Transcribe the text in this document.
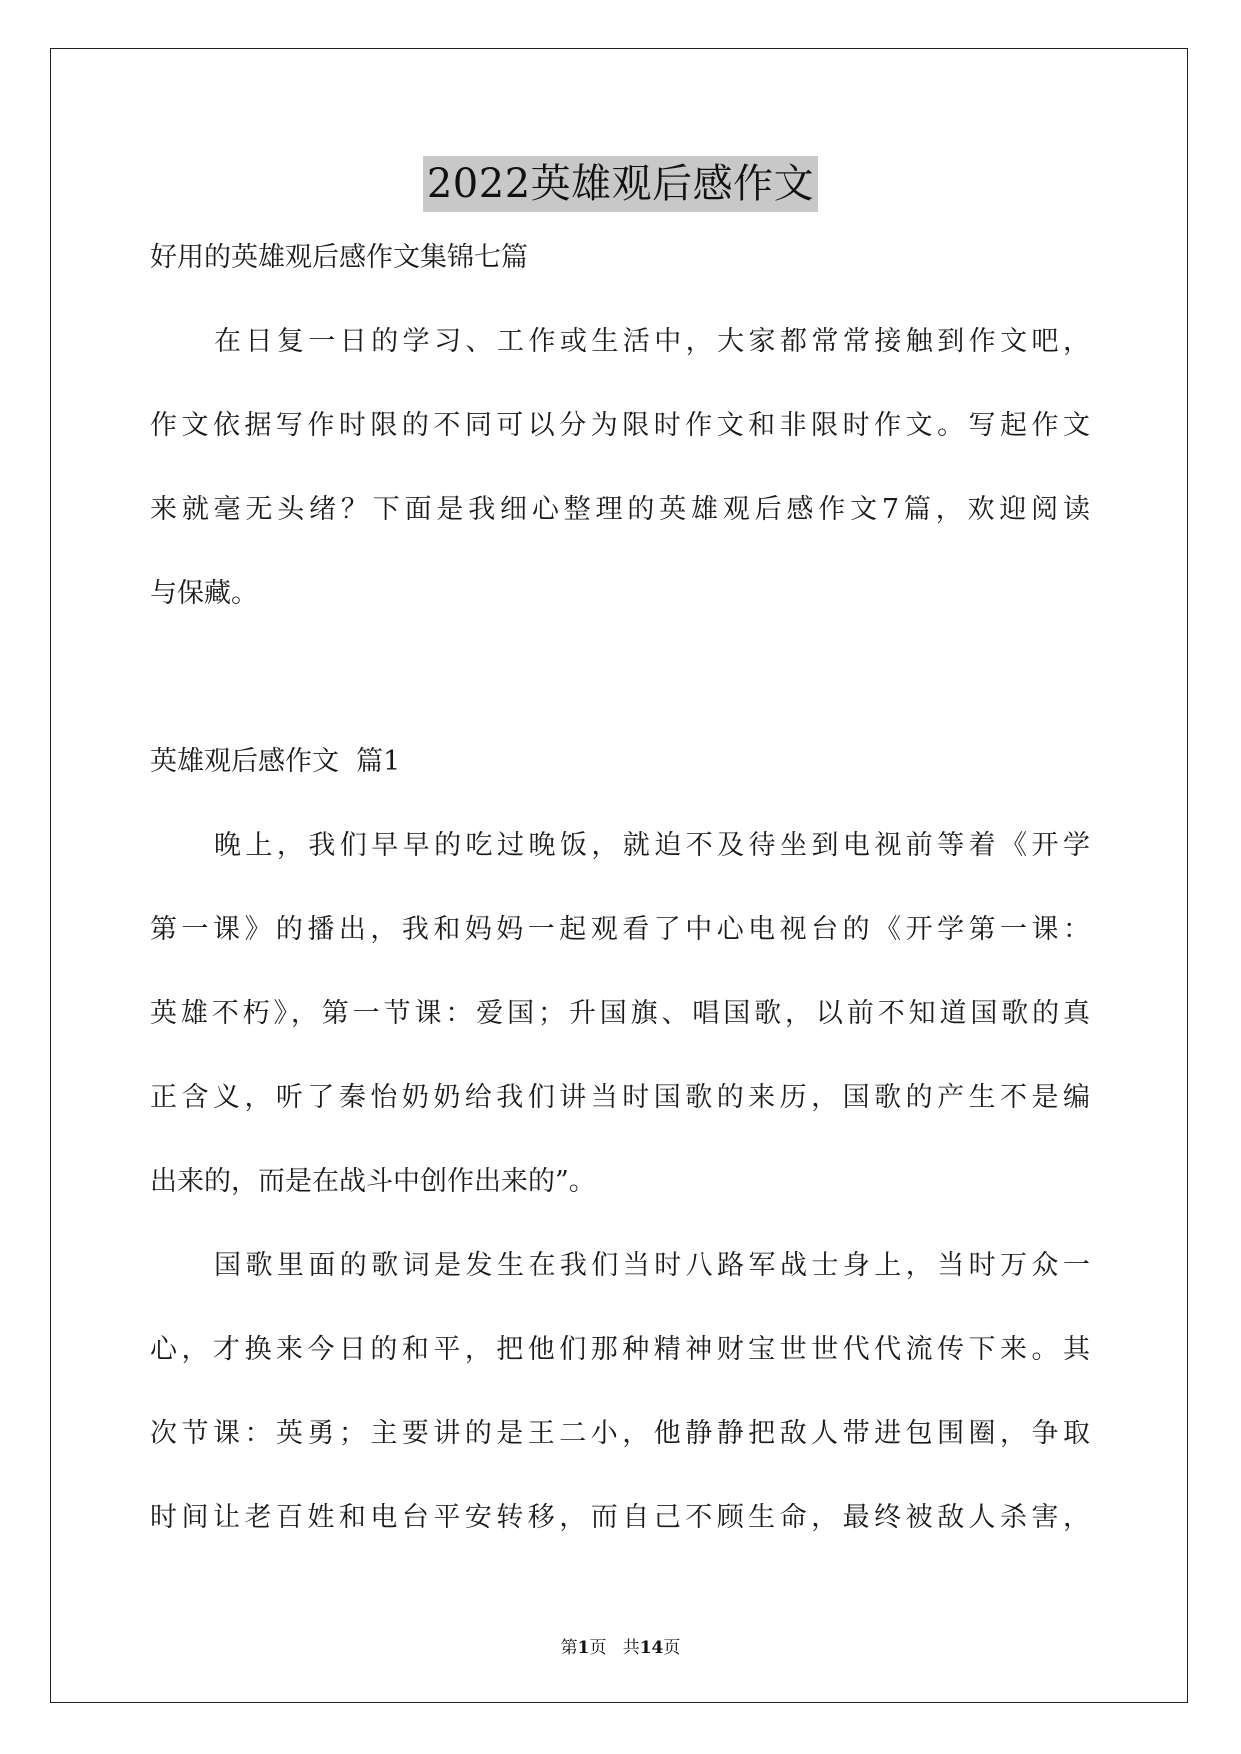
2022英雄观后感作文
好用的英雄观后感作文集锦七篇
在日复一日的学习、工作或生活中，大家都常常接触到作文吧，
作文依据写作时限的不同可以分为限时作文和非限时作文。写起作文
来就毫无头绪？下面是我细心整理的英雄观后感作文7篇，欢迎阅读
与保藏。
英雄观后感作文  篇1
晚上，我们早早的吃过晚饭，就迫不及待坐到电视前等着《开学
第一课》的播出，我和妈妈一起观看了中心电视台的《开学第一课：
英雄不朽》，第一节课：爱国；升国旗、唱国歌，以前不知道国歌的真
正含义，听了秦怡奶奶给我们讲当时国歌的来历，国歌的产生不是编
出来的，而是在战斗中创作出来的”。
国歌里面的歌词是发生在我们当时八路军战士身上，当时万众一
心，才换来今日的和平，把他们那种精神财宝世世代代流传下来。其
次节课：英勇；主要讲的是王二小，他静静把敌人带进包围圈，争取
时间让老百姓和电台平安转移，而自己不顾生命，最终被敌人杀害，
第1页 共14页
